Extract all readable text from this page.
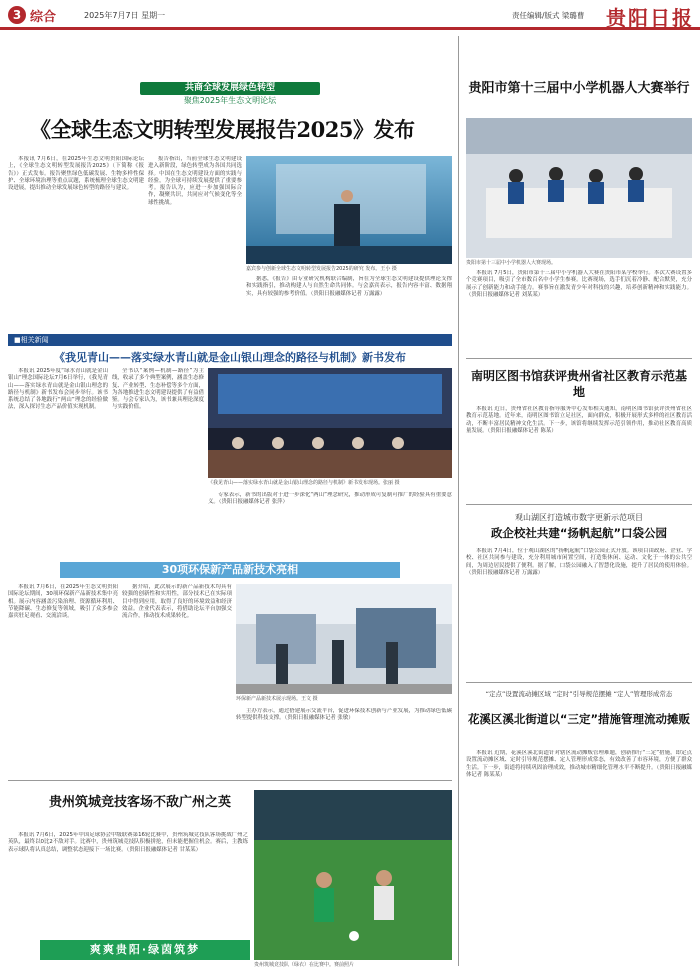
3 综合	2025年7月7日 星期一	责任编辑/版式 梁璐曹 贵阳日报
共商全球发展绿色转型
聚焦2025年生态文明论坛
《全球生态文明转型发展报告2025》发布
本报讯 7月6日，在2025年生态文明贵阳国际论坛上，《全球生态文明转型发展报告2025》（下简称《报告》）正式发布。报告聚焦绿色低碳发展、生物多样性保护、全球环境治理等重点议题，系统梳理全球生态文明建设进展，提出推动全球发展绿色转型的路径与建议。
报告指出，当前全球生态文明建设进入新阶段，绿色转型成为各国共同选择。中国在生态文明建设方面的实践与经验，为全球可持续发展提供了重要参考。报告认为，应进一步加强国际合作，凝聚共识，共同应对气候变化等全球性挑战。
嘉宾参与创新全球生态文明转型发展报告2025的研究 发布。王小 摄
据悉，《报告》由专业研究机构联合编制，旨在为全球生态文明建设提供理论支撑和实践指引，推动构建人与自然生命共同体。与会嘉宾表示，报告内容丰富、数据翔实，具有较强的参考价值。（贵阳日报融媒体记者 万露露）
■相关新闻
《我见青山——落实绿水青山就是金山银山理念的路径与机制》新书发布
本报讯 2025年度“绿水青山就是金山银山”理念国际论坛7月6日举行，《我见青山——落实绿水青山就是金山银山理念的路径与机制》新书发布会同步举行。该书系统总结了各地践行“两山”理念的经验做法，深入探讨生态产品价值实现机制。
全书以“案例—机制—路径”为主线，收录了多个典型案例，涵盖生态修复、产业转型、生态补偿等多个方面，为各地推进生态文明建设提供了有益借鉴。与会专家认为，该书兼具理论深度与实践价值。
《我见青山——落实绿水青山就是金山银山理念的路径与机制》新书发布现场。张丽 摄
专家表示，新书的出版对于进一步深化“两山”理念研究，推动形成可复制可推广的经验具有重要意义。（贵阳日报融媒体记者 张萍）
30项环保新产品新技术亮相
本报讯 7月6日，在2025年生态文明贵阳国际论坛期间，30项环保新产品新技术集中亮相。展示内容涵盖污染治理、资源循环利用、节能降碳、生态修复等领域，吸引了众多参会嘉宾驻足观看、交流洽谈。
据介绍，此次展示的新产品新技术均具有较强的创新性和实用性，部分技术已在实际项目中得到应用，取得了良好的环境效益和经济效益。企业代表表示，将借助论坛平台加强交流合作，推动技术成果转化。
环保新产品新技术展示现场。王文 摄
主办方表示，通过搭建展示交流平台，促进环保技术创新与产业发展，为推动绿色低碳转型提供科技支撑。（贵阳日报融媒体记者 张敏）
贵州筑城竞技客场不敌广州之英
本报讯 7月6日，2025年中国足球协会甲级联赛第16轮比赛中，贵州筑城竞技队客场挑战广州之英队，最终以0比2不敌对手。比赛中，贵州筑城竞技队积极拼抢，但未能把握住机会。赛后，主教练表示球队将认真总结，调整状态迎接下一场比赛。（贵阳日报融媒体记者 甘某某）
爽爽贵阳·绿茵筑梦
贵州筑城竞技队（绿衣）在比赛中。赛前照片
贵阳市第十三届中小学机器人大赛举行
贵阳市第十三届中小学机器人大赛现场。
本报讯 7月5日，贵阳市第十三届中小学机器人大赛在贵阳市某学校举行。本次大赛设置多个竞赛项目，吸引了全市数百名中小学生参赛。比赛现场，选手们沉着冷静、配合默契，充分展示了创新能力和动手能力。赛事旨在激发青少年对科技的兴趣，培养创新精神和实践能力。（贵阳日报融媒体记者 刘某某）
南明区图书馆获评贵州省社区教育示范基地
本报讯 近日，贵州省社区教育指导服务中心发布相关通知，南明区图书馆获评贵州省社区教育示范基地。近年来，南明区图书馆立足社区，面向群众，积极开展形式多样的社区教育活动，不断丰富居民精神文化生活。下一步，该馆将继续发挥示范引领作用，推动社区教育高质量发展。（贵阳日报融媒体记者 陈某）
观山湖区打造城市数字更新示范项目
政企校社共建“扬帆起航”口袋公园
本报讯 7月4日，位于观山湖区的“扬帆起航”口袋公园正式开放。该项目由政府、企业、学校、社区共同参与建设，充分利用城市闲置空间，打造集休闲、运动、文化于一体的公共空间，为周边居民提供了便利。据了解，口袋公园融入了智慧化设施，提升了居民的使用体验。（贵阳日报融媒体记者 万露露）
“定点”设置流动摊区域 “定时”引导规范摆摊 “定人”管理形成常态
花溪区溪北街道以“三定”措施管理流动摊贩
本报讯 近期，花溪区溪北街道针对辖区流动摊贩管理难题，创新推行“三定”措施，即定点设置流动摊区域、定时引导规范摆摊、定人管理形成常态，有效改善了市容环境，方便了群众生活。下一步，街道将持续巩固治理成效，推动城市精细化管理水平不断提升。（贵阳日报融媒体记者 陈某某）
